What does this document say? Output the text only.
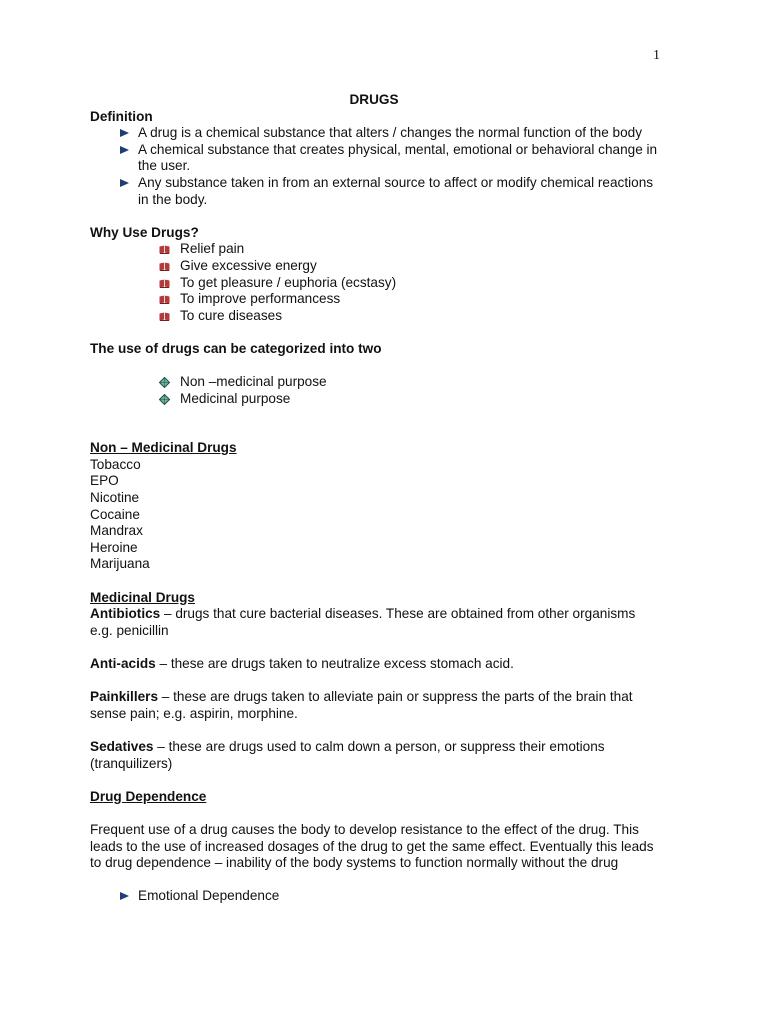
1

DRUGS

Definition

A drug is a chemical substance that alters / changes the normal function of the body
A chemical substance that creates physical, mental, emotional or behavioral change in the user.
Any substance taken in from an external source to affect or modify chemical reactions in the body.

Why Use Drugs?

Relief pain
Give excessive energy
To get pleasure / euphoria (ecstasy)
To improve performancess
To cure diseases

The use of drugs can be categorized into two

Non –medicinal purpose
Medicinal purpose

Non – Medicinal Drugs

Tobacco

EPO

Nicotine

Cocaine

Mandrax

Heroine

Marijuana

Medicinal Drugs

Antibiotics – drugs that cure bacterial diseases. These are obtained from other organisms e.g. penicillin

Anti-acids – these are drugs taken to neutralize excess stomach acid.

Painkillers – these are drugs taken to alleviate pain or suppress the parts of the brain that sense pain; e.g. aspirin, morphine.

Sedatives – these are drugs used to calm down a person, or suppress their emotions (tranquilizers)

Drug Dependence

Frequent use of a drug causes the body to develop resistance to the effect of the drug. This leads to the use of increased dosages of the drug to get the same effect. Eventually this leads to drug dependence – inability of the body systems to function normally without the drug

Emotional Dependence
